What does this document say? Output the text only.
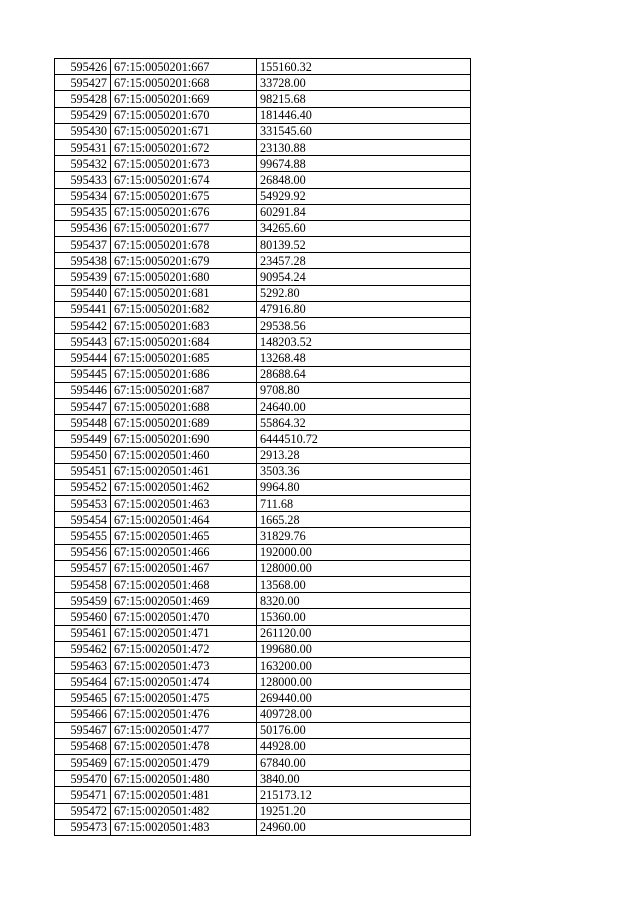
595426	67:15:0050201:667	155160.32
595427	67:15:0050201:668	33728.00
595428	67:15:0050201:669	98215.68
595429	67:15:0050201:670	181446.40
595430	67:15:0050201:671	331545.60
595431	67:15:0050201:672	23130.88
595432	67:15:0050201:673	99674.88
595433	67:15:0050201:674	26848.00
595434	67:15:0050201:675	54929.92
595435	67:15:0050201:676	60291.84
595436	67:15:0050201:677	34265.60
595437	67:15:0050201:678	80139.52
595438	67:15:0050201:679	23457.28
595439	67:15:0050201:680	90954.24
595440	67:15:0050201:681	5292.80
595441	67:15:0050201:682	47916.80
595442	67:15:0050201:683	29538.56
595443	67:15:0050201:684	148203.52
595444	67:15:0050201:685	13268.48
595445	67:15:0050201:686	28688.64
595446	67:15:0050201:687	9708.80
595447	67:15:0050201:688	24640.00
595448	67:15:0050201:689	55864.32
595449	67:15:0050201:690	6444510.72
595450	67:15:0020501:460	2913.28
595451	67:15:0020501:461	3503.36
595452	67:15:0020501:462	9964.80
595453	67:15:0020501:463	711.68
595454	67:15:0020501:464	1665.28
595455	67:15:0020501:465	31829.76
595456	67:15:0020501:466	192000.00
595457	67:15:0020501:467	128000.00
595458	67:15:0020501:468	13568.00
595459	67:15:0020501:469	8320.00
595460	67:15:0020501:470	15360.00
595461	67:15:0020501:471	261120.00
595462	67:15:0020501:472	199680.00
595463	67:15:0020501:473	163200.00
595464	67:15:0020501:474	128000.00
595465	67:15:0020501:475	269440.00
595466	67:15:0020501:476	409728.00
595467	67:15:0020501:477	50176.00
595468	67:15:0020501:478	44928.00
595469	67:15:0020501:479	67840.00
595470	67:15:0020501:480	3840.00
595471	67:15:0020501:481	215173.12
595472	67:15:0020501:482	19251.20
595473	67:15:0020501:483	24960.00
